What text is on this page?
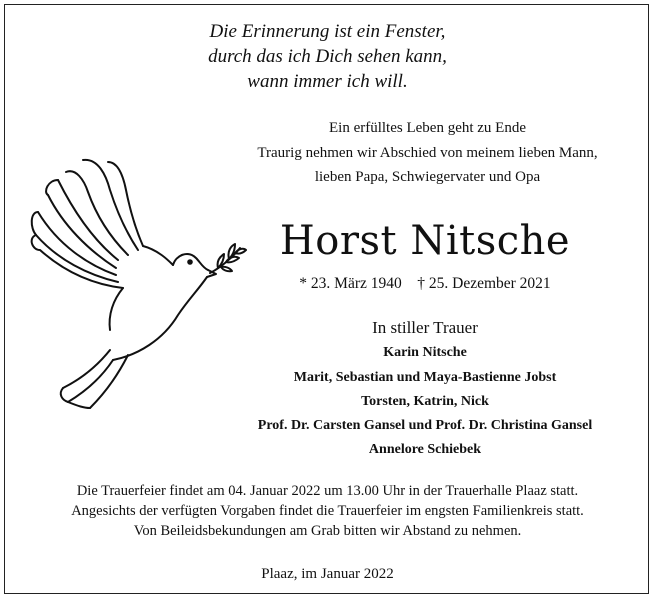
Die Erinnerung ist ein Fenster,
durch das ich Dich sehen kann,
wann immer ich will.
Ein erfülltes Leben geht zu Ende
Traurig nehmen wir Abschied von meinem lieben Mann,
lieben Papa, Schwiegervater und Opa
Horst Nitsche
* 23. März 1940 † 25. Dezember 2021
In stiller Trauer
Karin Nitsche
Marit, Sebastian und Maya-Bastienne Jobst
Torsten, Katrin, Nick
Prof. Dr. Carsten Gansel und Prof. Dr. Christina Gansel
Annelore Schiebek
Die Trauerfeier findet am 04. Januar 2022 um 13.00 Uhr in der Trauerhalle Plaaz statt.
Angesichts der verfügten Vorgaben findet die Trauerfeier im engsten Familienkreis statt.
Von Beileidsbekundungen am Grab bitten wir Abstand zu nehmen.
Plaaz, im Januar 2022
